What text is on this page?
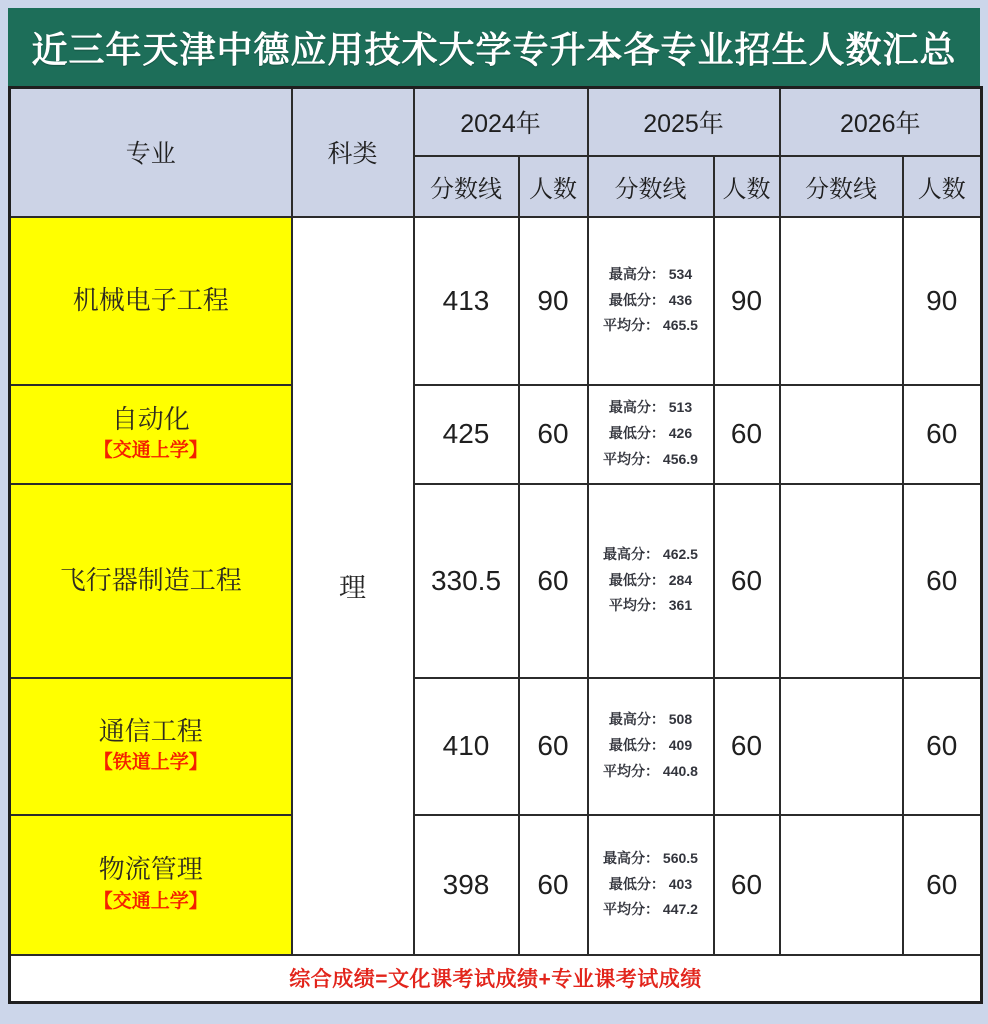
近三年天津中德应用技术大学专升本各专业招生人数汇总
专业	科类	2024年		2025年		2026年	
		分数线	人数	分数线	人数	分数线	人数

机械电子工程	理	413	90	最高分： 534
最低分： 436
平均分： 465.5	90		90

自动化
【交通上学】		425	60	最高分： 513
最低分： 426
平均分： 456.9	60		60

飞行器制造工程		330.5	60	最高分： 462.5
最低分： 284
平均分： 361	60		60

通信工程
【铁道上学】		410	60	最高分： 508
最低分： 409
平均分： 440.8	60		60

物流管理
【交通上学】		398	60	最高分： 560.5
最低分： 403
平均分： 447.2	60		60
综合成绩=文化课考试成绩+专业课考试成绩							
